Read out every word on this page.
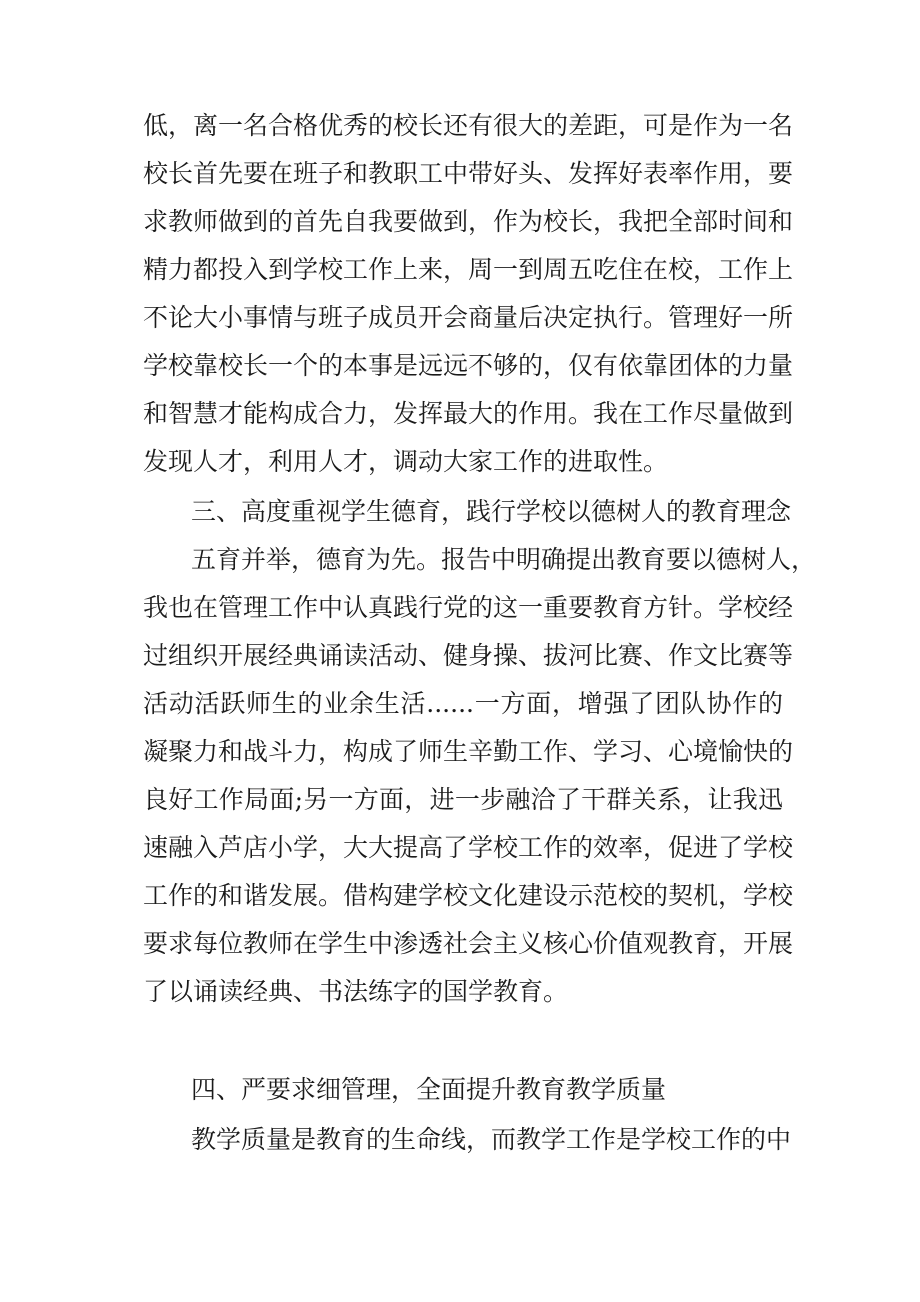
低，离一名合格优秀的校长还有很大的差距，可是作为一名
校长首先要在班子和教职工中带好头、发挥好表率作用，要
求教师做到的首先自我要做到，作为校长，我把全部时间和
精力都投入到学校工作上来，周一到周五吃住在校，工作上
不论大小事情与班子成员开会商量后决定执行。管理好一所
学校靠校长一个的本事是远远不够的，仅有依靠团体的力量
和智慧才能构成合力，发挥最大的作用。我在工作尽量做到
发现人才，利用人才，调动大家工作的进取性。
三、高度重视学生德育，践行学校以德树人的教育理念
五育并举，德育为先。报告中明确提出教育要以德树人，
我也在管理工作中认真践行党的这一重要教育方针。学校经
过组织开展经典诵读活动、健身操、拔河比赛、作文比赛等
活动活跃师生的业余生活......一方面，增强了团队协作的
凝聚力和战斗力，构成了师生辛勤工作、学习、心境愉快的
良好工作局面;另一方面，进一步融洽了干群关系，让我迅
速融入芦店小学，大大提高了学校工作的效率，促进了学校
工作的和谐发展。借构建学校文化建设示范校的契机，学校
要求每位教师在学生中渗透社会主义核心价值观教育，开展
了以诵读经典、书法练字的国学教育。
四、严要求细管理，全面提升教育教学质量
教学质量是教育的生命线，而教学工作是学校工作的中
